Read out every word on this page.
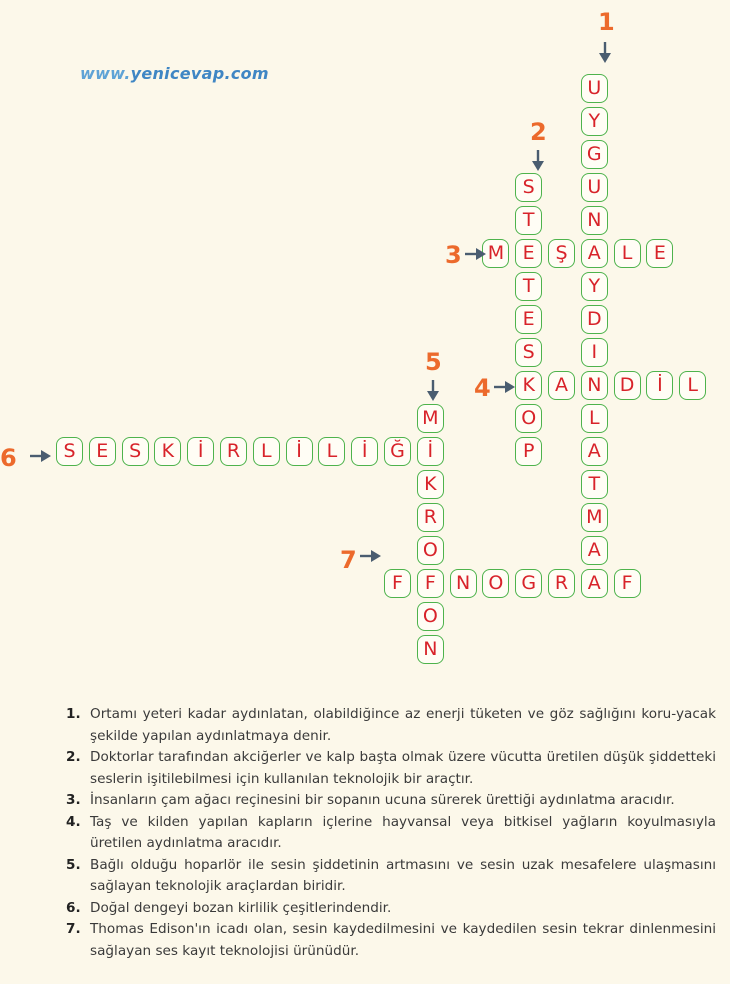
www.yenicevap.com
U
Y
G
U
N
A
Y
D
I
N
L
A
T
M
A
1
S
T
E
T
E
S
K
O
P
2
M	Ş	L	E
3
A	D	İ	L
4
M
İ
K
R
O
F
O
N
5
S	E	S	K	İ	R	L	İ	L	İ	Ğ
6
F	N O G R	A	F
7
1. Ortamı yeteri kadar aydınlatan, olabildiğince az enerji tüketen ve göz sağlığını koru-yacak şekilde yapılan aydınlatmaya denir.
2. Doktorlar tarafından akciğerler ve kalp başta olmak üzere vücutta üretilen düşük şiddetteki seslerin işitilebilmesi için kullanılan teknolojik bir araçtır.
3. İnsanların çam ağacı reçinesini bir sopanın ucuna sürerek ürettiği aydınlatma aracıdır.
4. Taş ve kilden yapılan kapların içlerine hayvansal veya bitkisel yağların koyulmasıyla üretilen aydınlatma aracıdır.
5. Bağlı olduğu hoparlör ile sesin şiddetinin artmasını ve sesin uzak mesafelere ulaşmasını sağlayan teknolojik araçlardan biridir.
6. Doğal dengeyi bozan kirlilik çeşitlerindendir.
7. Thomas Edison'ın icadı olan, sesin kaydedilmesini ve kaydedilen sesin tekrar dinlenmesini sağlayan ses kayıt teknolojisi ürünüdür.
